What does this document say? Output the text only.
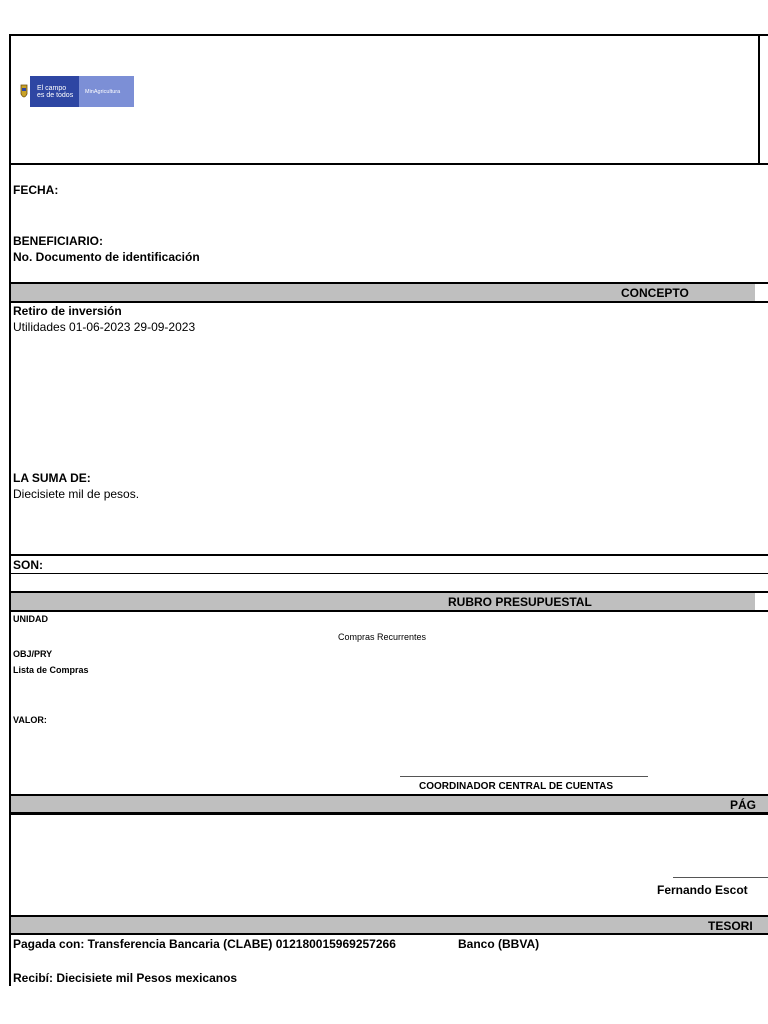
El campo
es de todos	MinAgricultura
FECHA:
BENEFICIARIO:
No. Documento de identificación
CONCEPTO
Retiro de inversión
Utilidades 01-06-2023 29-09-2023
LA SUMA DE:
Diecisiete mil de pesos.
SON:
RUBRO PRESUPUESTAL
UNIDAD
Compras Recurrentes
OBJ/PRY
Lista de Compras
VALOR:
COORDINADOR CENTRAL DE CUENTAS
PÁG
Fernando Escot
TESORI
Pagada con: Transferencia Bancaria (CLABE) 012180015969257266	Banco (BBVA)
Recibí: Diecisiete mil Pesos mexicanos
